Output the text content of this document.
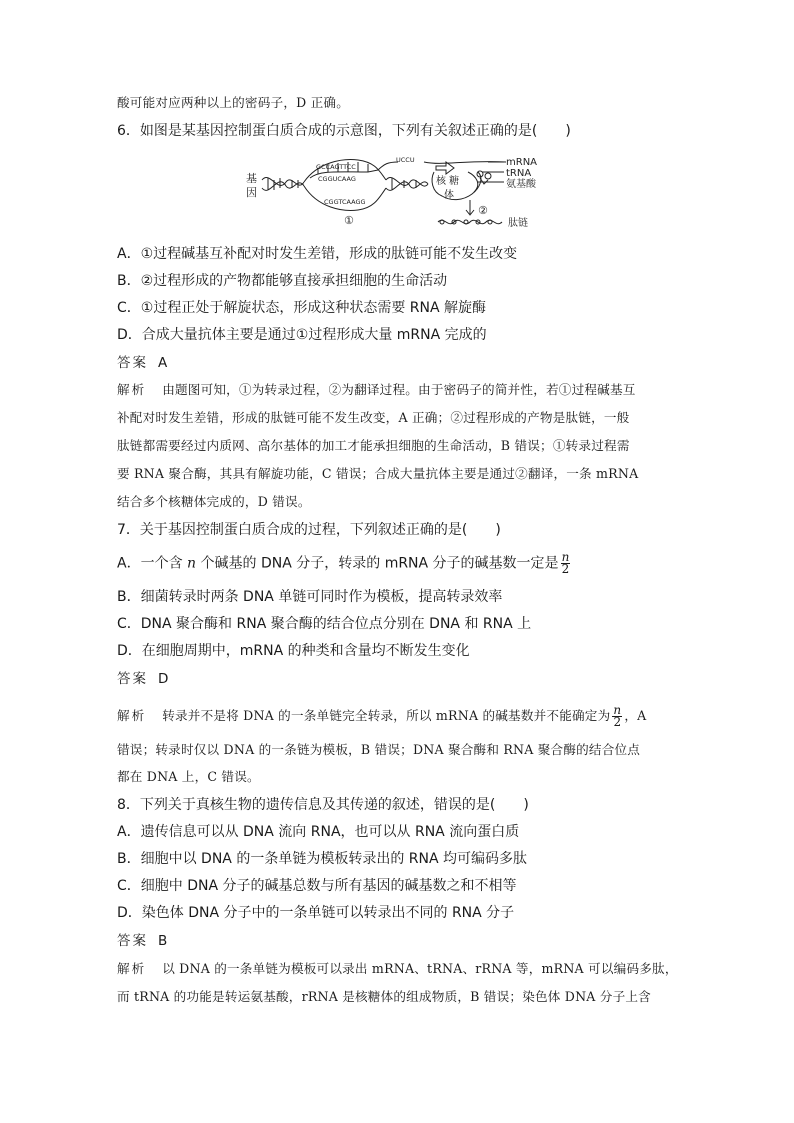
酸可能对应两种以上的密码子，D 正确。
6．如图是某基因控制蛋白质合成的示意图，下列有关叙述正确的是(　　)
基
因
GCCAGTTCC
CGGUCAAG
CGGTCAAGG
UCCU
①
核 糖
体
mRNA
tRNA
氨基酸
②
肽链
A．①过程碱基互补配对时发生差错，形成的肽链可能不发生改变
B．②过程形成的产物都能够直接承担细胞的生命活动
C．①过程正处于解旋状态，形成这种状态需要 RNA 解旋酶
D．合成大量抗体主要是通过①过程形成大量 mRNA 完成的
答案 A
解析 由题图可知，①为转录过程，②为翻译过程。由于密码子的简并性，若①过程碱基互
补配对时发生差错，形成的肽链可能不发生改变，A 正确；②过程形成的产物是肽链，一般
肽链都需要经过内质网、高尔基体的加工才能承担细胞的生命活动，B 错误；①转录过程需
要 RNA 聚合酶，其具有解旋功能，C 错误；合成大量抗体主要是通过②翻译，一条 mRNA
结合多个核糖体完成的，D 错误。
7．关于基因控制蛋白质合成的过程，下列叙述正确的是(　　)
A．一个含 n 个碱基的 DNA 分子，转录的 mRNA 分子的碱基数一定是 $\frac{n}{2}$
B．细菌转录时两条 DNA 单链可同时作为模板，提高转录效率
C．DNA 聚合酶和 RNA 聚合酶的结合位点分别在 DNA 和 RNA 上
D．在细胞周期中，mRNA 的种类和含量均不断发生变化
答案 D
解析 转录并不是将 DNA 的一条单链完全转录，所以 mRNA 的碱基数并不能确定为 $\frac{n}{2}$ ，A
错误；转录时仅以 DNA 的一条链为模板，B 错误；DNA 聚合酶和 RNA 聚合酶的结合位点
都在 DNA 上，C 错误。
8．下列关于真核生物的遗传信息及其传递的叙述，错误的是(　　)
A．遗传信息可以从 DNA 流向 RNA，也可以从 RNA 流向蛋白质
B．细胞中以 DNA 的一条单链为模板转录出的 RNA 均可编码多肽
C．细胞中 DNA 分子的碱基总数与所有基因的碱基数之和不相等
D．染色体 DNA 分子中的一条单链可以转录出不同的 RNA 分子
答案 B
解析 以 DNA 的一条单链为模板可以录出 mRNA、tRNA、rRNA 等，mRNA 可以编码多肽，
而 tRNA 的功能是转运氨基酸，rRNA 是核糖体的组成物质，B 错误；染色体 DNA 分子上含
